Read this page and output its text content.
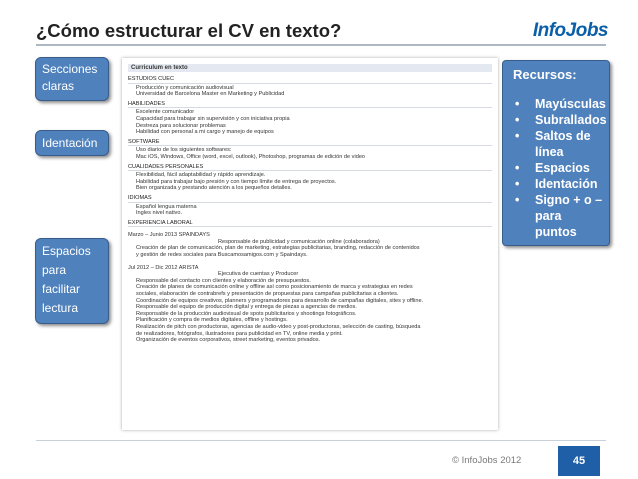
¿Cómo estructurar el CV en texto?	InfoJobs
Curriculum en texto
ESTUDIOS CUEC
Producción y comunicación audiovisual
Universidad de Barcelona Master en Marketing y Publicidad
HABILIDADES
Excelente comunicador
Capacidad para trabajar sin supervisión y con iniciativa propia
Destreza para solucionar problemas
Habilidad con personal a mi cargo y manejo de equipos
SOFTWARE
Uso diario de los siguientes softwares:
Mac iOS, Windows, Office (word, excel, outlook), Photoshop, programas de edición de video
CUALIDADES PERSONALES
Flexibilidad, fácil adaptabilidad y rápido aprendizaje.
Habilidad para trabajar bajo presión y con tiempo límite de entrega de proyectos.
Bien organizada y prestando atención a los pequeños detalles.
IDIOMAS
Español lengua materna
Ingles nivel nativo.
EXPERIENCIA LABORAL
Marzo – Junio 2013 SPAINDAYS
Responsable de publicidad y comunicación online (colaboradora)
Creación de plan de comunicación, plan de marketing, estrategias publicitarias, branding, redacción de contenidos
y gestión de redes sociales para Buscamosamigos.com y Spaindays.
Jul 2012 – Dic 2012 ARISTA
Ejecutiva de cuentas y Producer
Responsable del contacto con clientes y elaboración de presupuestos.
Creación de planes de comunicación online y offline así como posicionamiento de marca y estrategias en redes
sociales, elaboración de contrabrefs y presentación de propuestas para campañas publicitarias a clientes.
Coordinación de equipos creativos, planners y programadores para desarrollo de campañas digitales, sites y offline.
Responsable del equipo de producción digital y entrega de piezas a agencias de medios.
Responsable de la producción audiovisual de spots publicitarios y shootings fotográficos.
Planificación y compra de medios digitales, offline y hostings.
Realización de pitch con productoras, agencias de audio-video y post-productoras, selección de casting, búsqueda
de realizadores, fotógrafos, ilustradores para publicidad en TV, online media y print.
Organización de eventos corporativos, street marketing, eventos privados.
Secciones claras
Identación
Espacios para facilitar lectura
Recursos:
• Mayúsculas
• Subrallados
• Saltos de línea
• Espacios
• Identación
• Signo + o – para puntos
© InfoJobs 2012	45
